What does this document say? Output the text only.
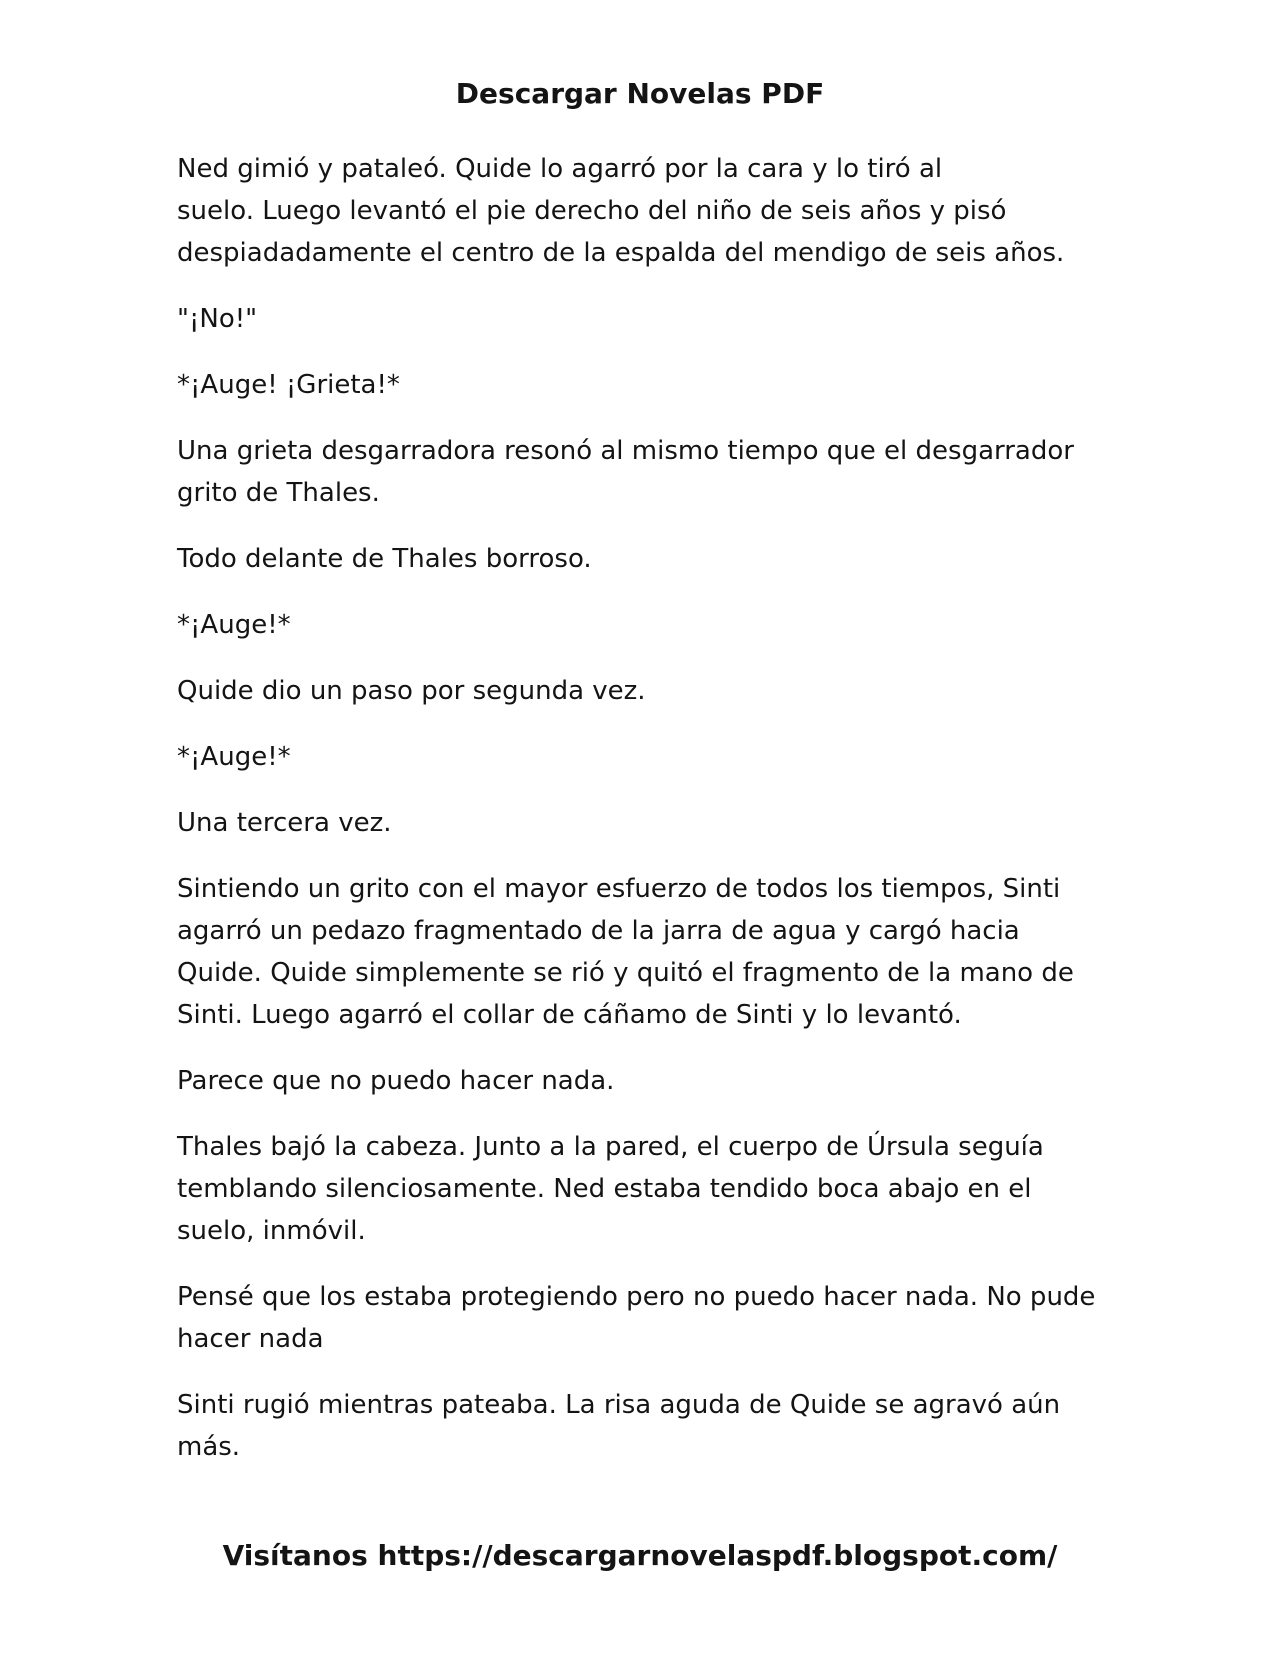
Descargar Novelas PDF

Ned gimió y pataleó. Quide lo agarró por la cara y lo tiró al
suelo. Luego levantó el pie derecho del niño de seis años y pisó
despiadadamente el centro de la espalda del mendigo de seis años.

"¡No!"

*¡Auge! ¡Grieta!*

Una grieta desgarradora resonó al mismo tiempo que el desgarrador
grito de Thales.

Todo delante de Thales borroso.

*¡Auge!*

Quide dio un paso por segunda vez.

*¡Auge!*

Una tercera vez.

Sintiendo un grito con el mayor esfuerzo de todos los tiempos, Sinti
agarró un pedazo fragmentado de la jarra de agua y cargó hacia
Quide. Quide simplemente se rió y quitó el fragmento de la mano de
Sinti. Luego agarró el collar de cáñamo de Sinti y lo levantó.

Parece que no puedo hacer nada.

Thales bajó la cabeza. Junto a la pared, el cuerpo de Úrsula seguía
temblando silenciosamente. Ned estaba tendido boca abajo en el
suelo, inmóvil.

Pensé que los estaba protegiendo pero no puedo hacer nada. No pude
hacer nada

Sinti rugió mientras pateaba. La risa aguda de Quide se agravó aún
más.

Visítanos https://descargarnovelaspdf.blogspot.com/
